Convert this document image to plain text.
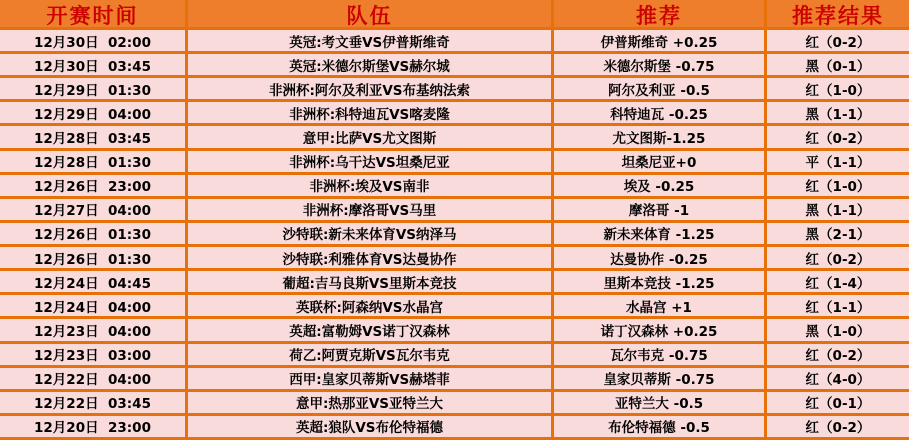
开赛时间	队伍	推荐	推荐结果
12月30日  02:00	英冠:考文垂VS伊普斯维奇	伊普斯维奇 +0.25	红（0-2）
12月30日  03:45	英冠:米德尔斯堡VS赫尔城	米德尔斯堡 -0.75	黑（0-1）
12月29日  01:30	非洲杯:阿尔及利亚VS布基纳法索	阿尔及利亚 -0.5	红（1-0）
12月29日  04:00	非洲杯:科特迪瓦VS喀麦隆	科特迪瓦 -0.25	黑（1-1）
12月28日  03:45	意甲:比萨VS尤文图斯	尤文图斯-1.25	红（0-2）
12月28日  01:30	非洲杯:乌干达VS坦桑尼亚	坦桑尼亚+0	平（1-1）
12月26日  23:00	非洲杯:埃及VS南非	埃及 -0.25	红（1-0）
12月27日  04:00	非洲杯:摩洛哥VS马里	摩洛哥 -1	黑（1-1）
12月26日  01:30	沙特联:新未来体育VS纳泽马	新未来体育 -1.25	黑（2-1）
12月26日  01:30	沙特联:利雅体育VS达曼协作	达曼协作 -0.25	红（0-2）
12月24日  04:45	葡超:吉马良斯VS里斯本竞技	里斯本竞技 -1.25	红（1-4）
12月24日  04:00	英联杯:阿森纳VS水晶宫	水晶宫 +1	红（1-1）
12月23日  04:00	英超:富勒姆VS诺丁汉森林	诺丁汉森林 +0.25	黑（1-0）
12月23日  03:00	荷乙:阿贾克斯VS瓦尔韦克	瓦尔韦克 -0.75	红（0-2）
12月22日  04:00	西甲:皇家贝蒂斯VS赫塔菲	皇家贝蒂斯 -0.75	红（4-0）
12月22日  03:45	意甲:热那亚VS亚特兰大	亚特兰大 -0.5	红（0-1）
12月20日  23:00	英超:狼队VS布伦特福德	布伦特福德 -0.5	红（0-2）
